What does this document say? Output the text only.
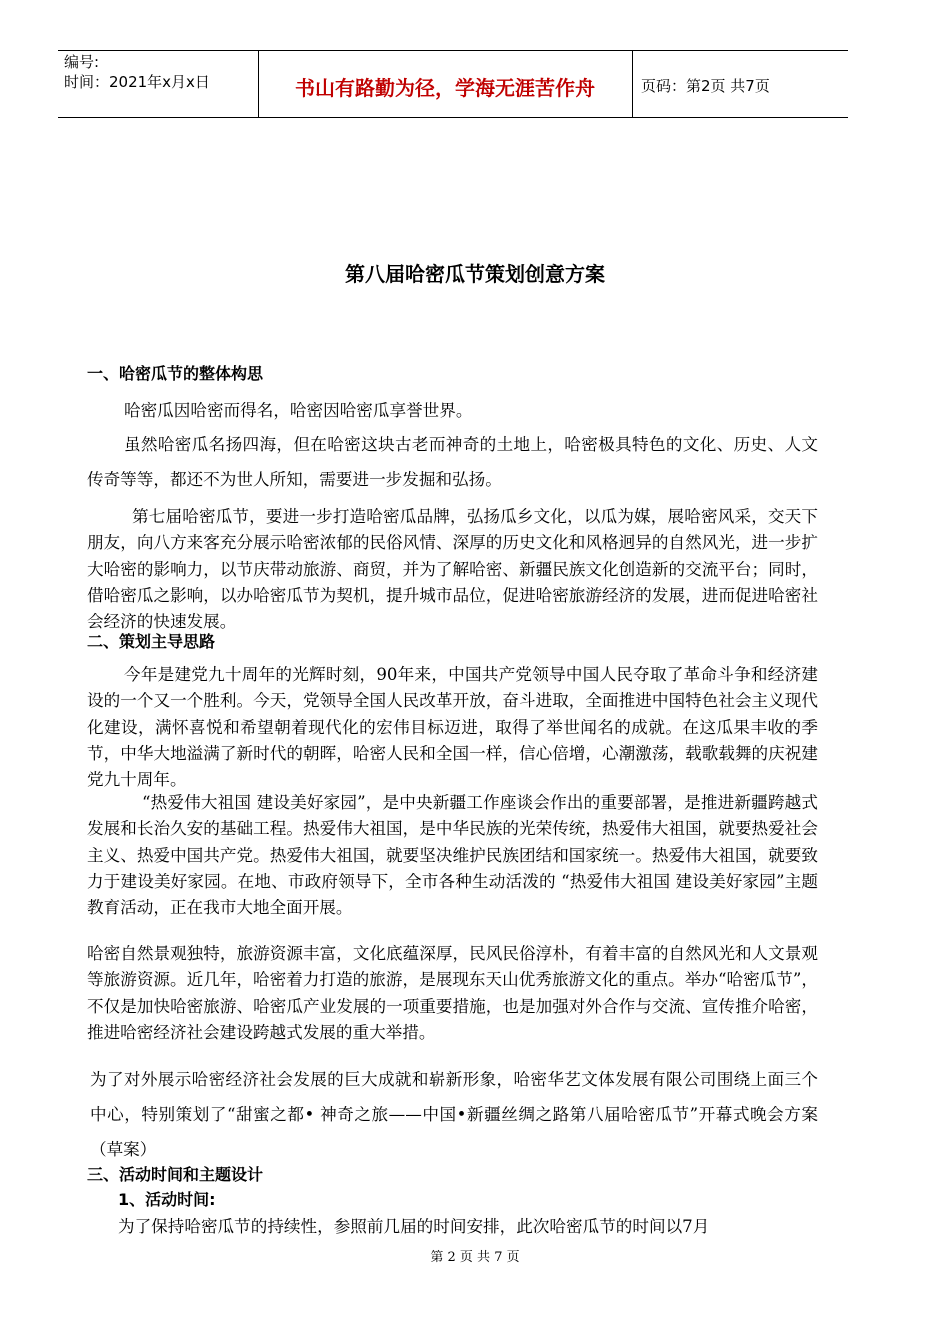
编号:
时间：2021年x月x日	书山有路勤为径，学海无涯苦作舟	页码：第2页 共7页
第八届哈密瓜节策划创意方案
一、哈密瓜节的整体构思
哈密瓜因哈密而得名，哈密因哈密瓜享誉世界。
虽然哈密瓜名扬四海，但在哈密这块古老而神奇的土地上，哈密极具特色的文化、历史、人文传奇等等，都还不为世人所知，需要进一步发掘和弘扬。
第七届哈密瓜节，要进一步打造哈密瓜品牌，弘扬瓜乡文化，以瓜为媒，展哈密风采，交天下朋友，向八方来客充分展示哈密浓郁的民俗风情、深厚的历史文化和风格迥异的自然风光，进一步扩大哈密的影响力，以节庆带动旅游、商贸，并为了解哈密、新疆民族文化创造新的交流平台；同时，借哈密瓜之影响，以办哈密瓜节为契机，提升城市品位，促进哈密旅游经济的发展，进而促进哈密社会经济的快速发展。
二、策划主导思路
今年是建党九十周年的光辉时刻，90年来，中国共产党领导中国人民夺取了革命斗争和经济建设的一个又一个胜利。今天，党领导全国人民改革开放，奋斗进取，全面推进中国特色社会主义现代化建设，满怀喜悦和希望朝着现代化的宏伟目标迈进，取得了举世闻名的成就。在这瓜果丰收的季节，中华大地溢满了新时代的朝晖，哈密人民和全国一样，信心倍增，心潮激荡，载歌载舞的庆祝建党九十周年。
“热爱伟大祖国 建设美好家园”，是中央新疆工作座谈会作出的重要部署，是推进新疆跨越式发展和长治久安的基础工程。热爱伟大祖国，是中华民族的光荣传统，热爱伟大祖国，就要热爱社会主义、热爱中国共产党。热爱伟大祖国，就要坚决维护民族团结和国家统一。热爱伟大祖国，就要致力于建设美好家园。在地、市政府领导下，全市各种生动活泼的 “热爱伟大祖国 建设美好家园”主题教育活动，正在我市大地全面开展。
哈密自然景观独特，旅游资源丰富，文化底蕴深厚，民风民俗淳朴，有着丰富的自然风光和人文景观等旅游资源。近几年，哈密着力打造的旅游，是展现东天山优秀旅游文化的重点。举办“哈密瓜节”，不仅是加快哈密旅游、哈密瓜产业发展的一项重要措施，也是加强对外合作与交流、宣传推介哈密，推进哈密经济社会建设跨越式发展的重大举措。
为了对外展示哈密经济社会发展的巨大成就和崭新形象，哈密华艺文体发展有限公司围绕上面三个中心，特别策划了“甜蜜之都• 神奇之旅——中国•新疆丝绸之路第八届哈密瓜节”开幕式晚会方案（草案）
三、活动时间和主题设计
1、活动时间:
为了保持哈密瓜节的持续性，参照前几届的时间安排，此次哈密瓜节的时间以7月
第 2 页 共 7 页
